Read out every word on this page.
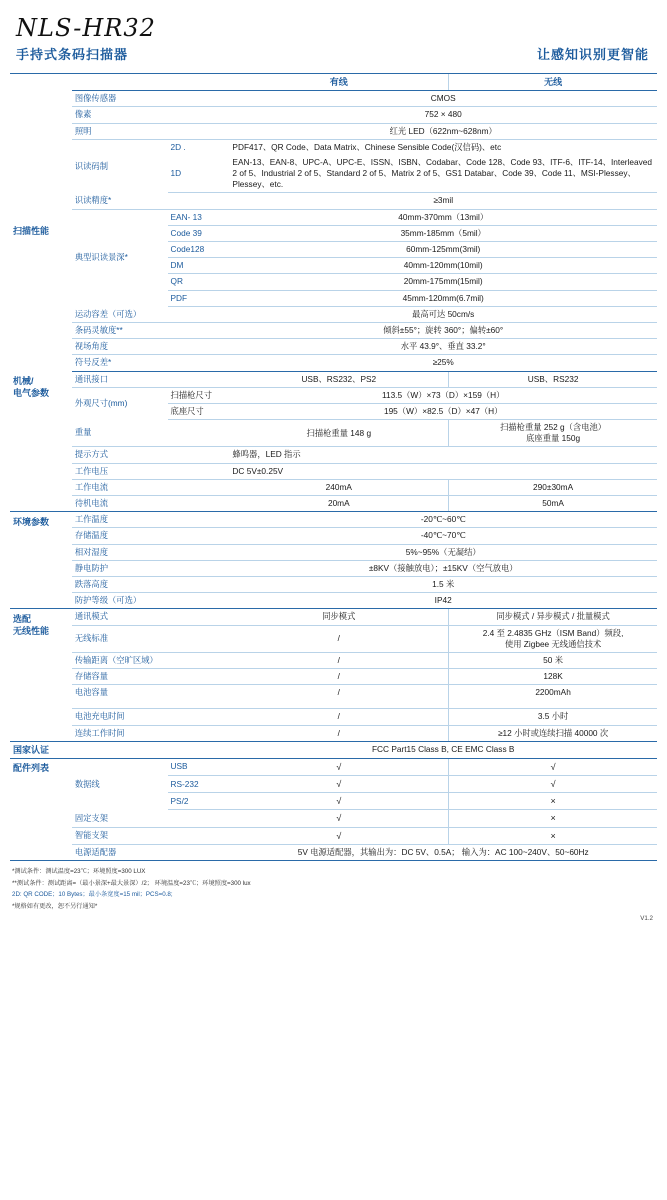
NLS-HR32
手持式条码扫描器	让感知识别更智能
			有线	无线
扫描性能	图像传感器		CMOS	
	像素		752 × 480	
	照明		红光 LED（622nm~628nm）	
	识读码制	2D .	PDF417、QR Code、Data Matrix、Chinese Sensible Code(汉信码)、etc	
		1D	EAN-13、EAN-8、UPC-A、UPC-E、ISSN、ISBN、Codabar、Code 128、Code 93、ITF-6、ITF-14、Interleaved 2 of 5、Industrial 2 of 5、Standard 2 of 5、Matrix 2 of 5、GS1 Databar、Code 39、Code 11、MSI-Plessey、Plessey、etc.	
	识读精度*		≥3mil	
	典型识读景深*	EAN- 13	40mm-370mm（13mil）	
		Code 39	35mm-185mm（5mil）	
		Code128	60mm-125mm(3mil)	
		DM	40mm-120mm(10mil)	
		QR	20mm-175mm(15mil)	
		PDF	45mm-120mm(6.7mil)	
	运动容差（可选）		最高可达 50cm/s	
	条码灵敏度**		倾斜±55°；旋转 360°；偏转±60°	
	视场角度		水平 43.9°、垂直 33.2°	
	符号反差*		≥25%	

机械/
电气参数	通讯接口		USB、RS232、PS2	USB、RS232
	外观尺寸(mm)	扫描枪尺寸	113.5（W）×73（D）×159（H）	
		底座尺寸	195（W）×82.5（D）×47（H）	
	重量		扫描枪重量 148 g	扫描枪重量 252 g（含电池）
底座重量 150g

	提示方式		蜂鸣器，LED 指示	
	工作电压		DC 5V±0.25V	
	工作电流		240mA	290±30mA
	待机电流		20mA	50mA
环境参数	工作温度		-20℃~60℃	
	存储温度		-40℃~70℃	
	相对湿度		5%~95%（无凝结）	
	静电防护		±8KV（接触放电）；±15KV（空气放电）	
	跌落高度		1.5 米	
	防护等级（可选）		IP42	

选配
无线性能	通讯模式		同步模式	同步模式 / 异步模式 / 批量模式
	无线标准		/	2.4 至 2.4835 GHz（ISM Band）频段,
使用 Zigbee 无线通信技术

	传输距离（空旷区域）		/	50 米
	存储容量		/	128K
	电池容量		/	2200mAh
	电池充电时间		/	3.5 小时
	连续工作时间		/	≥12 小时或连续扫描 40000 次
国家认证			FCC Part15 Class B, CE EMC Class B	
配件列表	数据线	USB	√	√
		RS-232	√	√
		PS/2	√	×
	固定支架		√	×
	智能支架		√	×
	电源适配器		5V 电源适配器，其输出为：DC 5V、0.5A； 输入为：AC 100~240V、50~60Hz	
*测试条件：测试温度=23℃；环境照度=300 LUX
**测试条件：测试距离=（最小景深+最大景深）/2； 环境温度=23℃；环境照度=300 lux
2D: QR CODE；10 Bytes；最小条宽度=15 mil；PCS=0.8;
*规格如有更改，恕不另行通知*
V1.2
